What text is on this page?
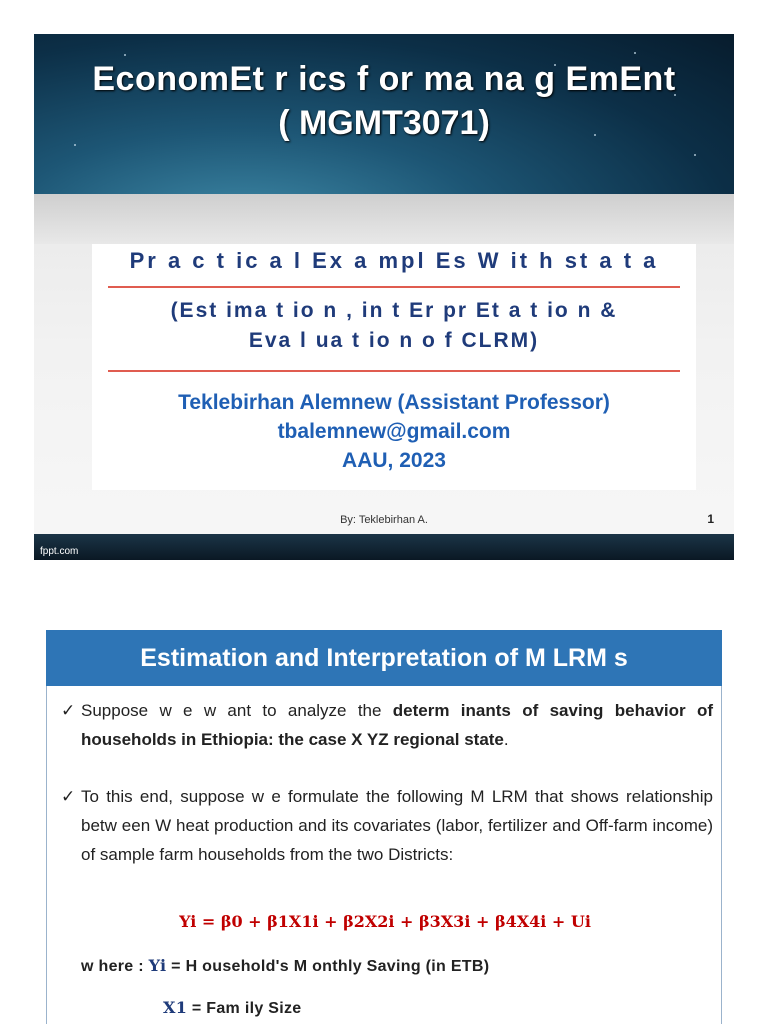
EconomEt r ics f or ma na g EmEnt
( MGMT3071)
Pr a c t ic a l Ex a mpl Es W it h st a t a
(Est ima t io n , in t Er pr Et a t io n &
Eva l ua t io n o f CLRM)
Teklebirhan Alemnew (Assistant Professor)
tbalemnew@gmail.com
AAU, 2023
By: Teklebirhan A.	1
fppt.com
Estimation and Interpretation of M LRM s
✓ Suppose w e w ant to analyze the determ inants of saving behavior of households in Ethiopia: the case X YZ regional state.
✓ To this end, suppose w e formulate the following M LRM that shows relationship betw een W heat production and its covariates (labor, fertilizer and Off-farm income) of sample farm households from the two Districts:
Yi = β0 + β1X1i + β2X2i + β3X3i + β4X4i + Ui
w here : Yi = H ousehold's M onthly Saving (in ETB)
X1 = Fam ily Size
